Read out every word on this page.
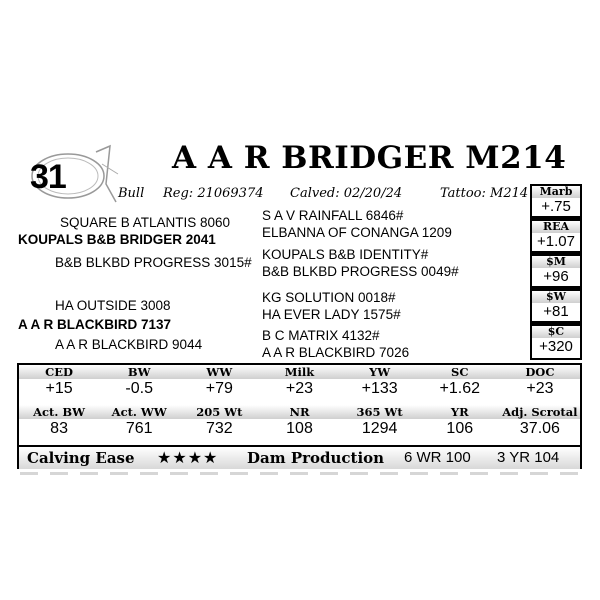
31	A A R BRIDGER M214
Bull Reg: 21069374 Calved: 02/20/24	Tattoo: M214
SQUARE B ATLANTIS 8060
KOUPALS B&B BRIDGER 2041
B&B BLKBD PROGRESS 3015#
S A V RAINFALL 6846#
ELBANNA OF CONANGA 1209
KOUPALS B&B IDENTITY#
B&B BLKBD PROGRESS 0049#
HA OUTSIDE 3008
A A R BLACKBIRD 7137
A A R BLACKBIRD 9044
KG SOLUTION 0018#
HA EVER LADY 1575#
B C MATRIX 4132#
A A R BLACKBIRD 7026
Marb
+.75
REA
+1.07
$M
+96
$W
+81
$C
+320
CED
+15
BW
-0.5
WW
+79
Milk
+23
YW
+133
SC
+1.62
DOC
+23
Act. BW
83
Act. WW
761
205 Wt
732
NR
108
365 Wt
1294
YR
106
Adj. Scrotal
37.06
Calving Ease ★★★★ Dam Production 6 WR 100 3 YR 104
